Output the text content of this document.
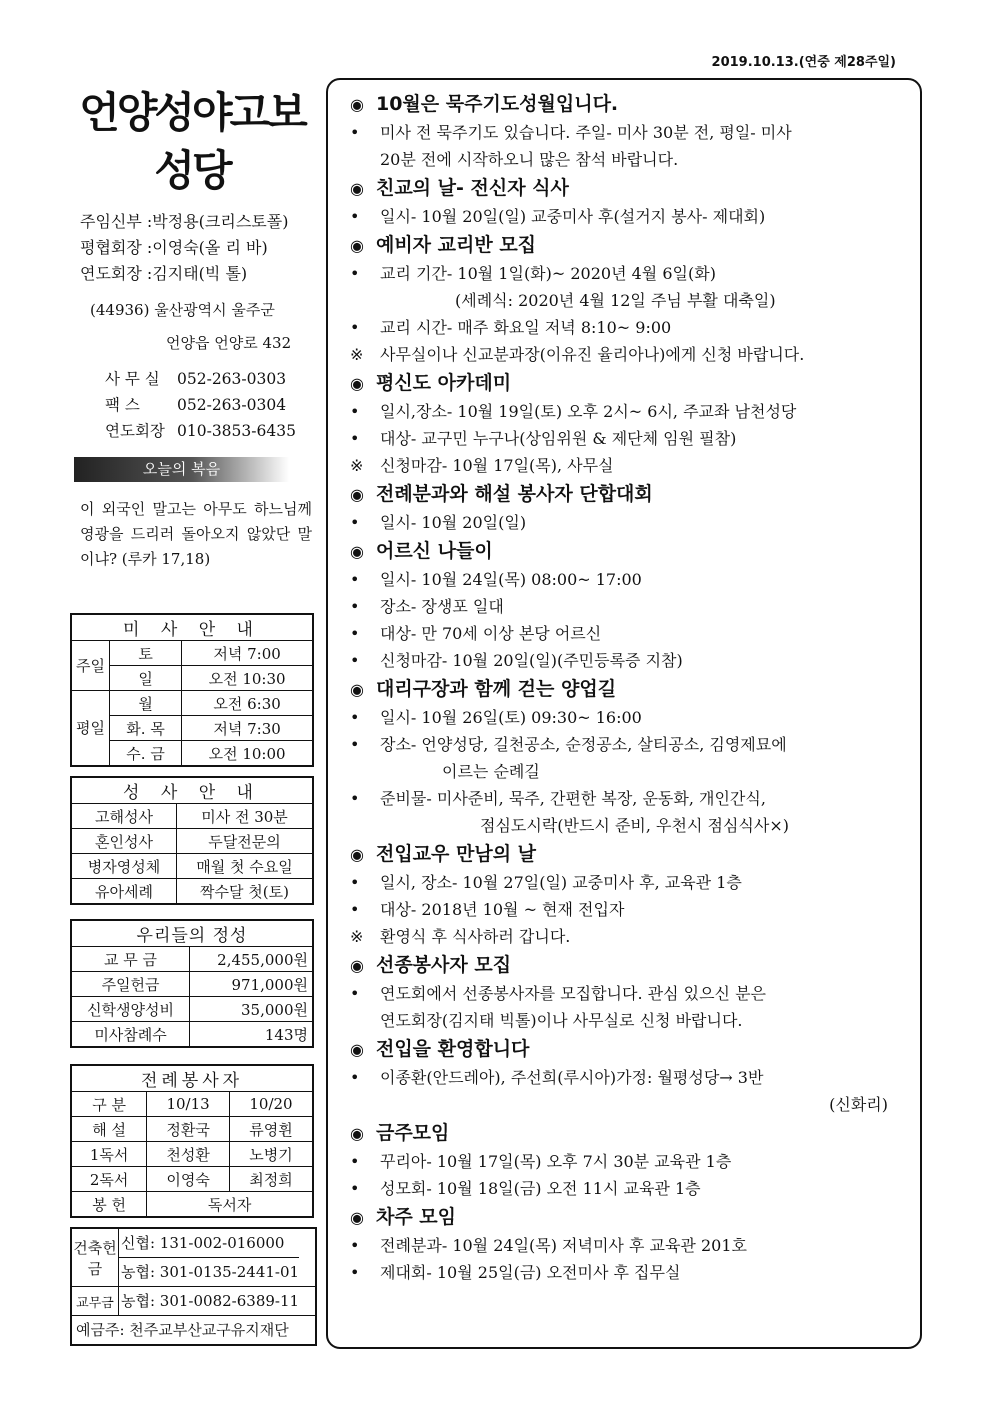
2019.10.13.(연중 제28주일)
언양성야고보
성당
주임신부 :박정용(크리스토폴)
평협회장 :이영숙(올 리 바)
연도회장 :김지태(빅 톨)
(44936) 울산광역시 울주군
언양읍 언양로 432
사 무 실 052-263-0303
팩 스 052-263-0304
연도회장 010-3853-6435
오늘의 복음
이 외국인 말고는 아무도 하느님께 영광을 드리러 돌아오지 않았단 말이냐? (루카 17,18)
미 사 안 내		
주일	토	저녁 7:00
	일	오전 10:30
평일	월	오전 6:30
	화. 목	저녁 7:30
	수. 금	오전 10:00
성 사 안 내	
고해성사	미사 전 30분
혼인성사	두달전문의
병자영성체	매월 첫 수요일
유아세례	짝수달 첫(토)
우리들의 정성	
교 무 금	2,455,000원
주일헌금	971,000원
신학생양성비	35,000원
미사참례수	143명
전례봉사자		
구 분	10/13	10/20
해 설	정환국	류영휜
1독서	천성환	노병기
2독서	이영숙	최정희
봉 헌	독서자	
건축헌금
신협: 131-002-016000
농협: 301-0135-2441-01
교무금 농협: 301-0082-6389-11
예금주: 천주교부산교구유지재단
◉ 10월은 묵주기도성월입니다.
• 미사 전 묵주기도 있습니다. 주일- 미사 30분 전, 평일- 미사
20분 전에 시작하오니 많은 참석 바랍니다.
◉ 친교의 날- 전신자 식사
• 일시- 10월 20일(일) 교중미사 후(설거지 봉사- 제대회)
◉ 예비자 교리반 모집
• 교리 기간- 10월 1일(화)~ 2020년 4월 6일(화)
(세례식: 2020년 4월 12일 주님 부활 대축일)
• 교리 시간- 매주 화요일 저녁 8:10~ 9:00
※ 사무실이나 신교분과장(이유진 율리아나)에게 신청 바랍니다.
◉ 평신도 아카데미
• 일시,장소- 10월 19일(토) 오후 2시~ 6시, 주교좌 남천성당
• 대상- 교구민 누구나(상임위원 & 제단체 임원 필참)
※ 신청마감- 10월 17일(목), 사무실
◉ 전례분과와 해설 봉사자 단합대회
• 일시- 10월 20일(일)
◉ 어르신 나들이
• 일시- 10월 24일(목) 08:00~ 17:00
• 장소- 장생포 일대
• 대상- 만 70세 이상 본당 어르신
• 신청마감- 10월 20일(일)(주민등록증 지참)
◉ 대리구장과 함께 걷는 양업길
• 일시- 10월 26일(토) 09:30~ 16:00
• 장소- 언양성당, 길천공소, 순정공소, 살티공소, 김영제묘에
이르는 순례길
• 준비물- 미사준비, 묵주, 간편한 복장, 운동화, 개인간식,
점심도시락(반드시 준비, 우천시 점심식사×)
◉ 전입교우 만남의 날
• 일시, 장소- 10월 27일(일) 교중미사 후, 교육관 1층
• 대상- 2018년 10월 ~ 현재 전입자
※ 환영식 후 식사하러 갑니다.
◉ 선종봉사자 모집
• 연도회에서 선종봉사자를 모집합니다. 관심 있으신 분은
연도회장(김지태 빅톨)이나 사무실로 신청 바랍니다.
◉ 전입을 환영합니다
• 이종환(안드레아), 주선희(루시아)가정: 월평성당→ 3반
(신화리)
◉ 금주모임
• 꾸리아- 10월 17일(목) 오후 7시 30분 교육관 1층
• 성모회- 10월 18일(금) 오전 11시 교육관 1층
◉ 차주 모임
• 전례분과- 10월 24일(목) 저녁미사 후 교육관 201호
• 제대회- 10월 25일(금) 오전미사 후 집무실
